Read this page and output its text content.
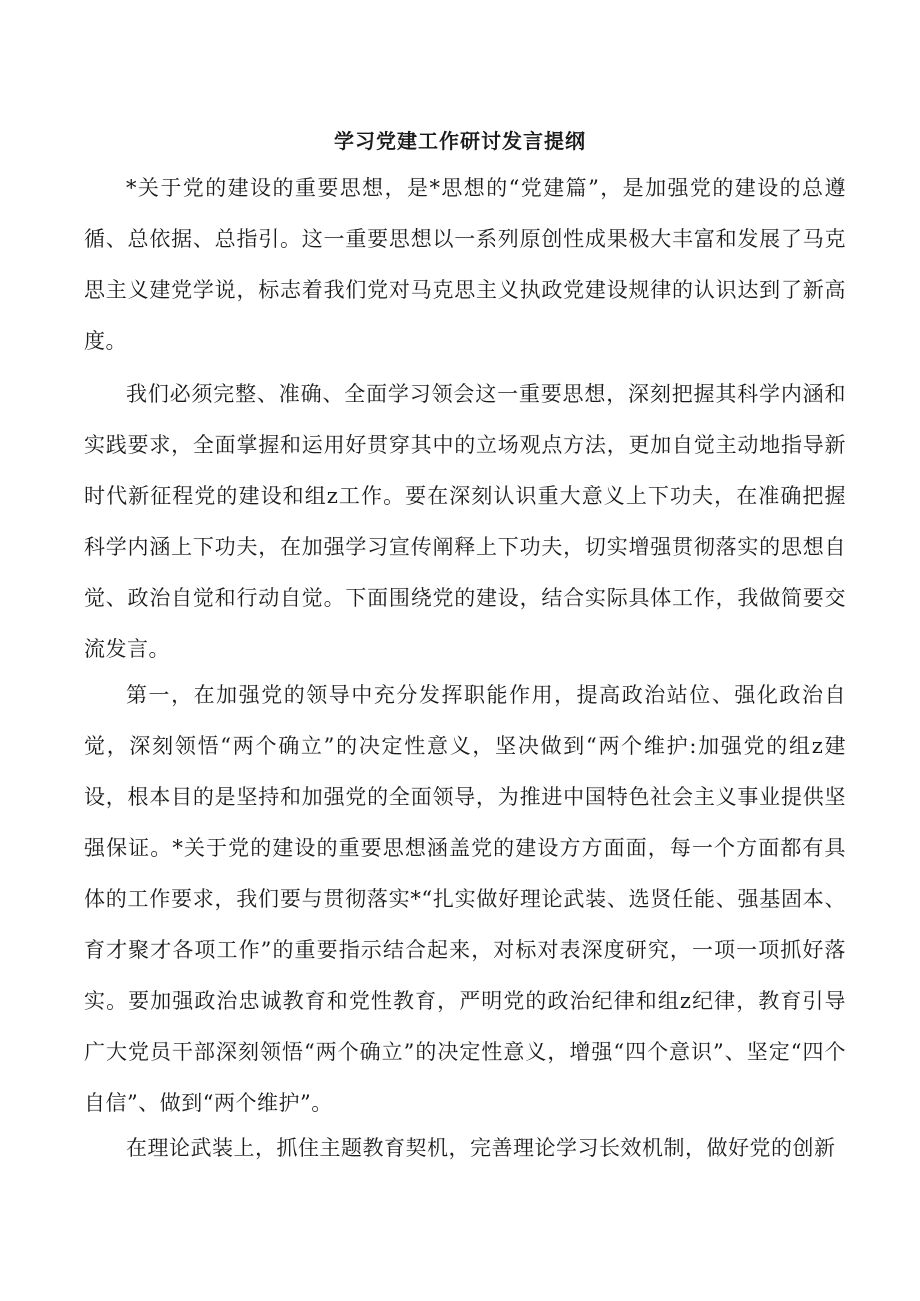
学习党建工作研讨发言提纲

*关于党的建设的重要思想，是*思想的“党建篇”，是加强党的建设的总遵循、总依据、总指引。这一重要思想以一系列原创性成果极大丰富和发展了马克思主义建党学说，标志着我们党对马克思主义执政党建设规律的认识达到了新高度。

我们必须完整、准确、全面学习领会这一重要思想，深刻把握其科学内涵和实践要求，全面掌握和运用好贯穿其中的立场观点方法，更加自觉主动地指导新时代新征程党的建设和组z工作。要在深刻认识重大意义上下功夫，在准确把握科学内涵上下功夫，在加强学习宣传阐释上下功夫，切实增强贯彻落实的思想自觉、政治自觉和行动自觉。下面围绕党的建设，结合实际具体工作，我做简要交流发言。

第一，在加强党的领导中充分发挥职能作用，提高政治站位、强化政治自觉，深刻领悟“两个确立”的决定性意义，坚决做到“两个维护:加强党的组z建设，根本目的是坚持和加强党的全面领导，为推进中国特色社会主义事业提供坚强保证。*关于党的建设的重要思想涵盖党的建设方方面面，每一个方面都有具体的工作要求，我们要与贯彻落实*“扎实做好理论武装、选贤任能、强基固本、育才聚才各项工作”的重要指示结合起来，对标对表深度研究，一项一项抓好落实。要加强政治忠诚教育和党性教育，严明党的政治纪律和组z纪律，教育引导广大党员干部深刻领悟“两个确立”的决定性意义，增强“四个意识”、坚定“四个自信”、做到“两个维护”。

在理论武装上，抓住主题教育契机，完善理论学习长效机制，做好党的创新
